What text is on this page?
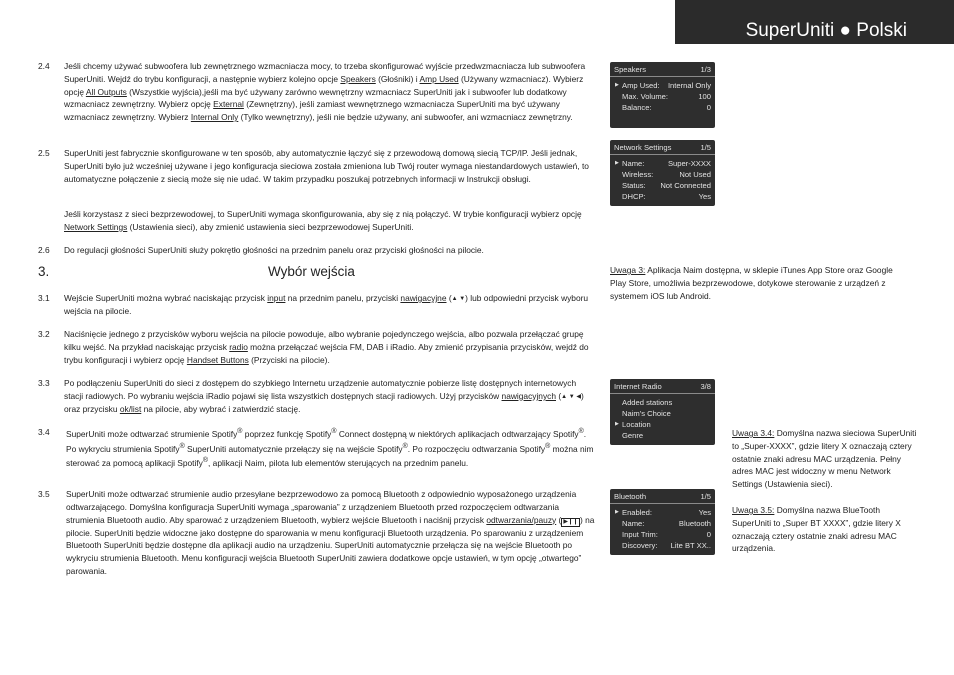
SuperUniti ● Polski
2.4 Jeśli chcemy używać subwoofera lub zewnętrznego wzmacniacza mocy, to trzeba skonfigurować wyjście przedwzmacniacza lub subwoofera SuperUniti. Wejdź do trybu konfiguracji, a następnie wybierz kolejno opcje Speakers (Głośniki) i Amp Used (Używany wzmacniacz). Wybierz opcję All Outputs (Wszystkie wyjścia),jeśli ma być używany zarówno wewnętrzny wzmacniacz SuperUniti jak i subwoofer lub dodatkowy wzmacniacz zewnętrzny. Wybierz opcję External (Zewnętrzny), jeśli zamiast wewnętrznego wzmacniacza SuperUniti ma być używany wzmacniacz zewnętrzny. Wybierz Internal Only (Tylko wewnętrzny), jeśli nie będzie używany, ani subwoofer, ani wzmacniacz zewnętrzny.
2.5 SuperUniti jest fabrycznie skonfigurowane w ten sposób, aby automatycznie łączyć się z przewodową domową siecią TCP/IP. Jeśli jednak, SuperUniti było już wcześniej używane i jego konfiguracja sieciowa została zmieniona lub Twój router wymaga niestandardowych ustawień, to automatyczne połączenie z siecią może się nie udać. W takim przypadku poszukaj potrzebnych informacji w Instrukcji obsługi.
Jeśli korzystasz z sieci bezprzewodowej, to SuperUniti wymaga skonfigurowania, aby się z nią połączyć. W trybie konfiguracji wybierz opcję Network Settings (Ustawienia sieci), aby zmienić ustawienia sieci bezprzewodowej SuperUniti.
2.6 Do regulacji głośności SuperUniti służy pokrętło głośności na przednim panelu oraz przyciski głośności na pilocie.
3.	Wybór wejścia
3.1 Wejście SuperUniti można wybrać naciskając przycisk input na przednim panelu, przyciski nawigacyjne (▲ ▼) lub odpowiedni przycisk wyboru wejścia na pilocie.
3.2 Naciśnięcie jednego z przycisków wyboru wejścia na pilocie powoduje, albo wybranie pojedynczego wejścia, albo pozwala przełączać grupę kilku wejść. Na przykład naciskając przycisk radio można przełączać wejścia FM, DAB i iRadio. Aby zmienić przypisania przycisków, wejdź do trybu konfiguracji i wybierz opcję Handset Buttons (Przyciski na pilocie).
3.3 Po podłączeniu SuperUniti do sieci z dostępem do szybkiego Internetu urządzenie automatycznie pobierze listę dostępnych internetowych stacji radiowych. Po wybraniu wejścia iRadio pojawi się lista wszystkich dostępnych stacji radiowych. Użyj przycisków nawigacyjnych (▲ ▼ ◀) oraz przycisku ok/list na pilocie, aby wybrać i zatwierdzić stację.
3.4 SuperUniti może odtwarzać strumienie Spotify® poprzez funkcję Spotify® Connect dostępną w niektórych aplikacjach odtwarzający Spotify®. Po wykryciu strumienia Spotify® SuperUniti automatycznie przełączy się na wejście Spotify®. Po rozpoczęciu odtwarzania Spotify® można nim sterować za pomocą aplikacji Spotify®, aplikacji Naim, pilota lub elementów sterujących na przednim panelu.
3.5 SuperUniti może odtwarzać strumienie audio przesyłane bezprzewodowo za pomocą Bluetooth z odpowiednio wyposażonego urządzenia odtwarzającego. Domyślna konfiguracja SuperUniti wymaga „sparowania” z urządzeniem Bluetooth przed rozpoczęciem odtwarzania strumienia Bluetooth audio. Aby sparować z urządzeniem Bluetooth, wybierz wejście Bluetooth i naciśnij przycisk odtwarzania/pauzy ( ▶❙❙ ) na pilocie. SuperUniti będzie widoczne jako dostępne do sparowania w menu konfiguracji Bluetooth urządzenia. Po sparowaniu z urządzeniem Bluetooth SuperUniti będzie dostępne dla aplikacji audio na urządzeniu. SuperUniti automatycznie przełącza się na wejście Bluetooth po wykryciu strumienia Bluetooth. Menu konfiguracji wejścia Bluetooth SuperUniti zawiera dodatkowe opcje ustawień, w tym opcję „otwartego” parowania.
Speakers	1/3
▶ Amp Used: Internal Only
Max. Volume:	100
Balance:	0
Network Settings	1/5
▶ Name:	Super-XXXX
Wireless:	Not Used
Status: Not Connected
DHCP:	Yes
Internet Radio	3/8
Added stations
Naim’s Choice
▶ Location
Genre
Bluetooth	1/5
▶ Enabled:	Yes
Name:	Bluetooth
Input Trim:	0
Discovery: Lite BT XX..
Uwaga 3: Aplikacja Naim dostępna, w sklepie iTunes App Store oraz Google Play Store, umożliwia bezprzewodowe, dotykowe sterowanie z urządzeń z systemem iOS lub Android.
Uwaga 3.4: Domyślna nazwa sieciowa SuperUniti to „Super-XXXX”, gdzie litery X oznaczają cztery ostatnie znaki adresu MAC urządzenia. Pełny adres MAC jest widoczny w menu Network Settings (Ustawienia sieci).
Uwaga 3.5: Domyślna nazwa BlueTooth SuperUniti to „Super BT XXXX”, gdzie litery X oznaczają cztery ostatnie znaki adresu MAC urządzenia.
